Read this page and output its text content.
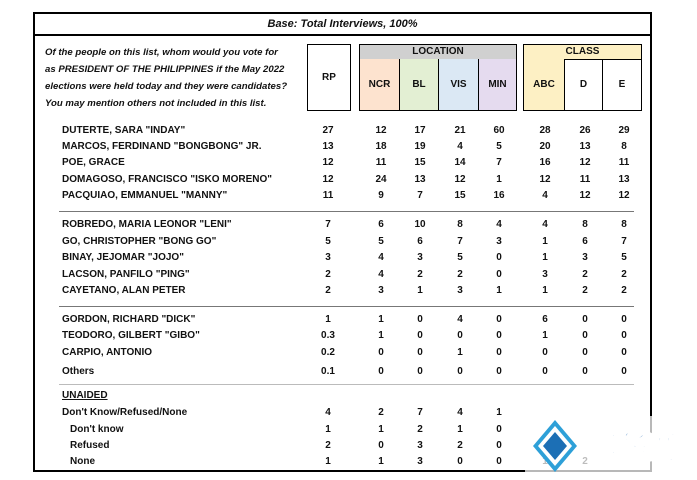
Base: Total Interviews, 100%
Of the people on this list, whom would you vote for
as PRESIDENT OF THE PHILIPPINES if the May 2022
elections were held today and they were candidates?
You may mention others not included in this list.
RP
LOCATION
NCR BL VIS MIN
CLASS
ABC	D	E
DUTERTE, SARA "INDAY"	27	12	17	21	60	28	26	29
MARCOS, FERDINAND "BONGBONG" JR.	13	18	19	4	5	20	13	8
POE, GRACE	12	11	15	14	7	16	12	11
DOMAGOSO, FRANCISCO "ISKO MORENO"	12	24	13	12	1	12	11	13
PACQUIAO, EMMANUEL "MANNY"	11	9	7	15	16	4	12	12
ROBREDO, MARIA LEONOR "LENI"	7	6	10	8	4	4	8	8
GO, CHRISTOPHER "BONG GO"	5	5	6	7	3	1	6	7
BINAY, JEJOMAR "JOJO"	3	4	3	5	0	1	3	5
LACSON, PANFILO "PING"	2	4	2	2	0	3	2	2
CAYETANO, ALAN PETER	2	3	1	3	1	1	2	2
GORDON, RICHARD "DICK"	1	1	0	4	0	6	0	0
TEODORO, GILBERT "GIBO"	0.3	1	0	0	0	1	0	0
CARPIO, ANTONIO	0.2	0	0	1	0	0	0	0
Others	0.1	0	0	0	0	0	0	0
UNAIDED
Don't Know/Refused/None	4	2	7	4	1
Don't know	1	1	2	1	0
Refused	2	0	3	2	0
None	1	1	3	0	0	菲华网
